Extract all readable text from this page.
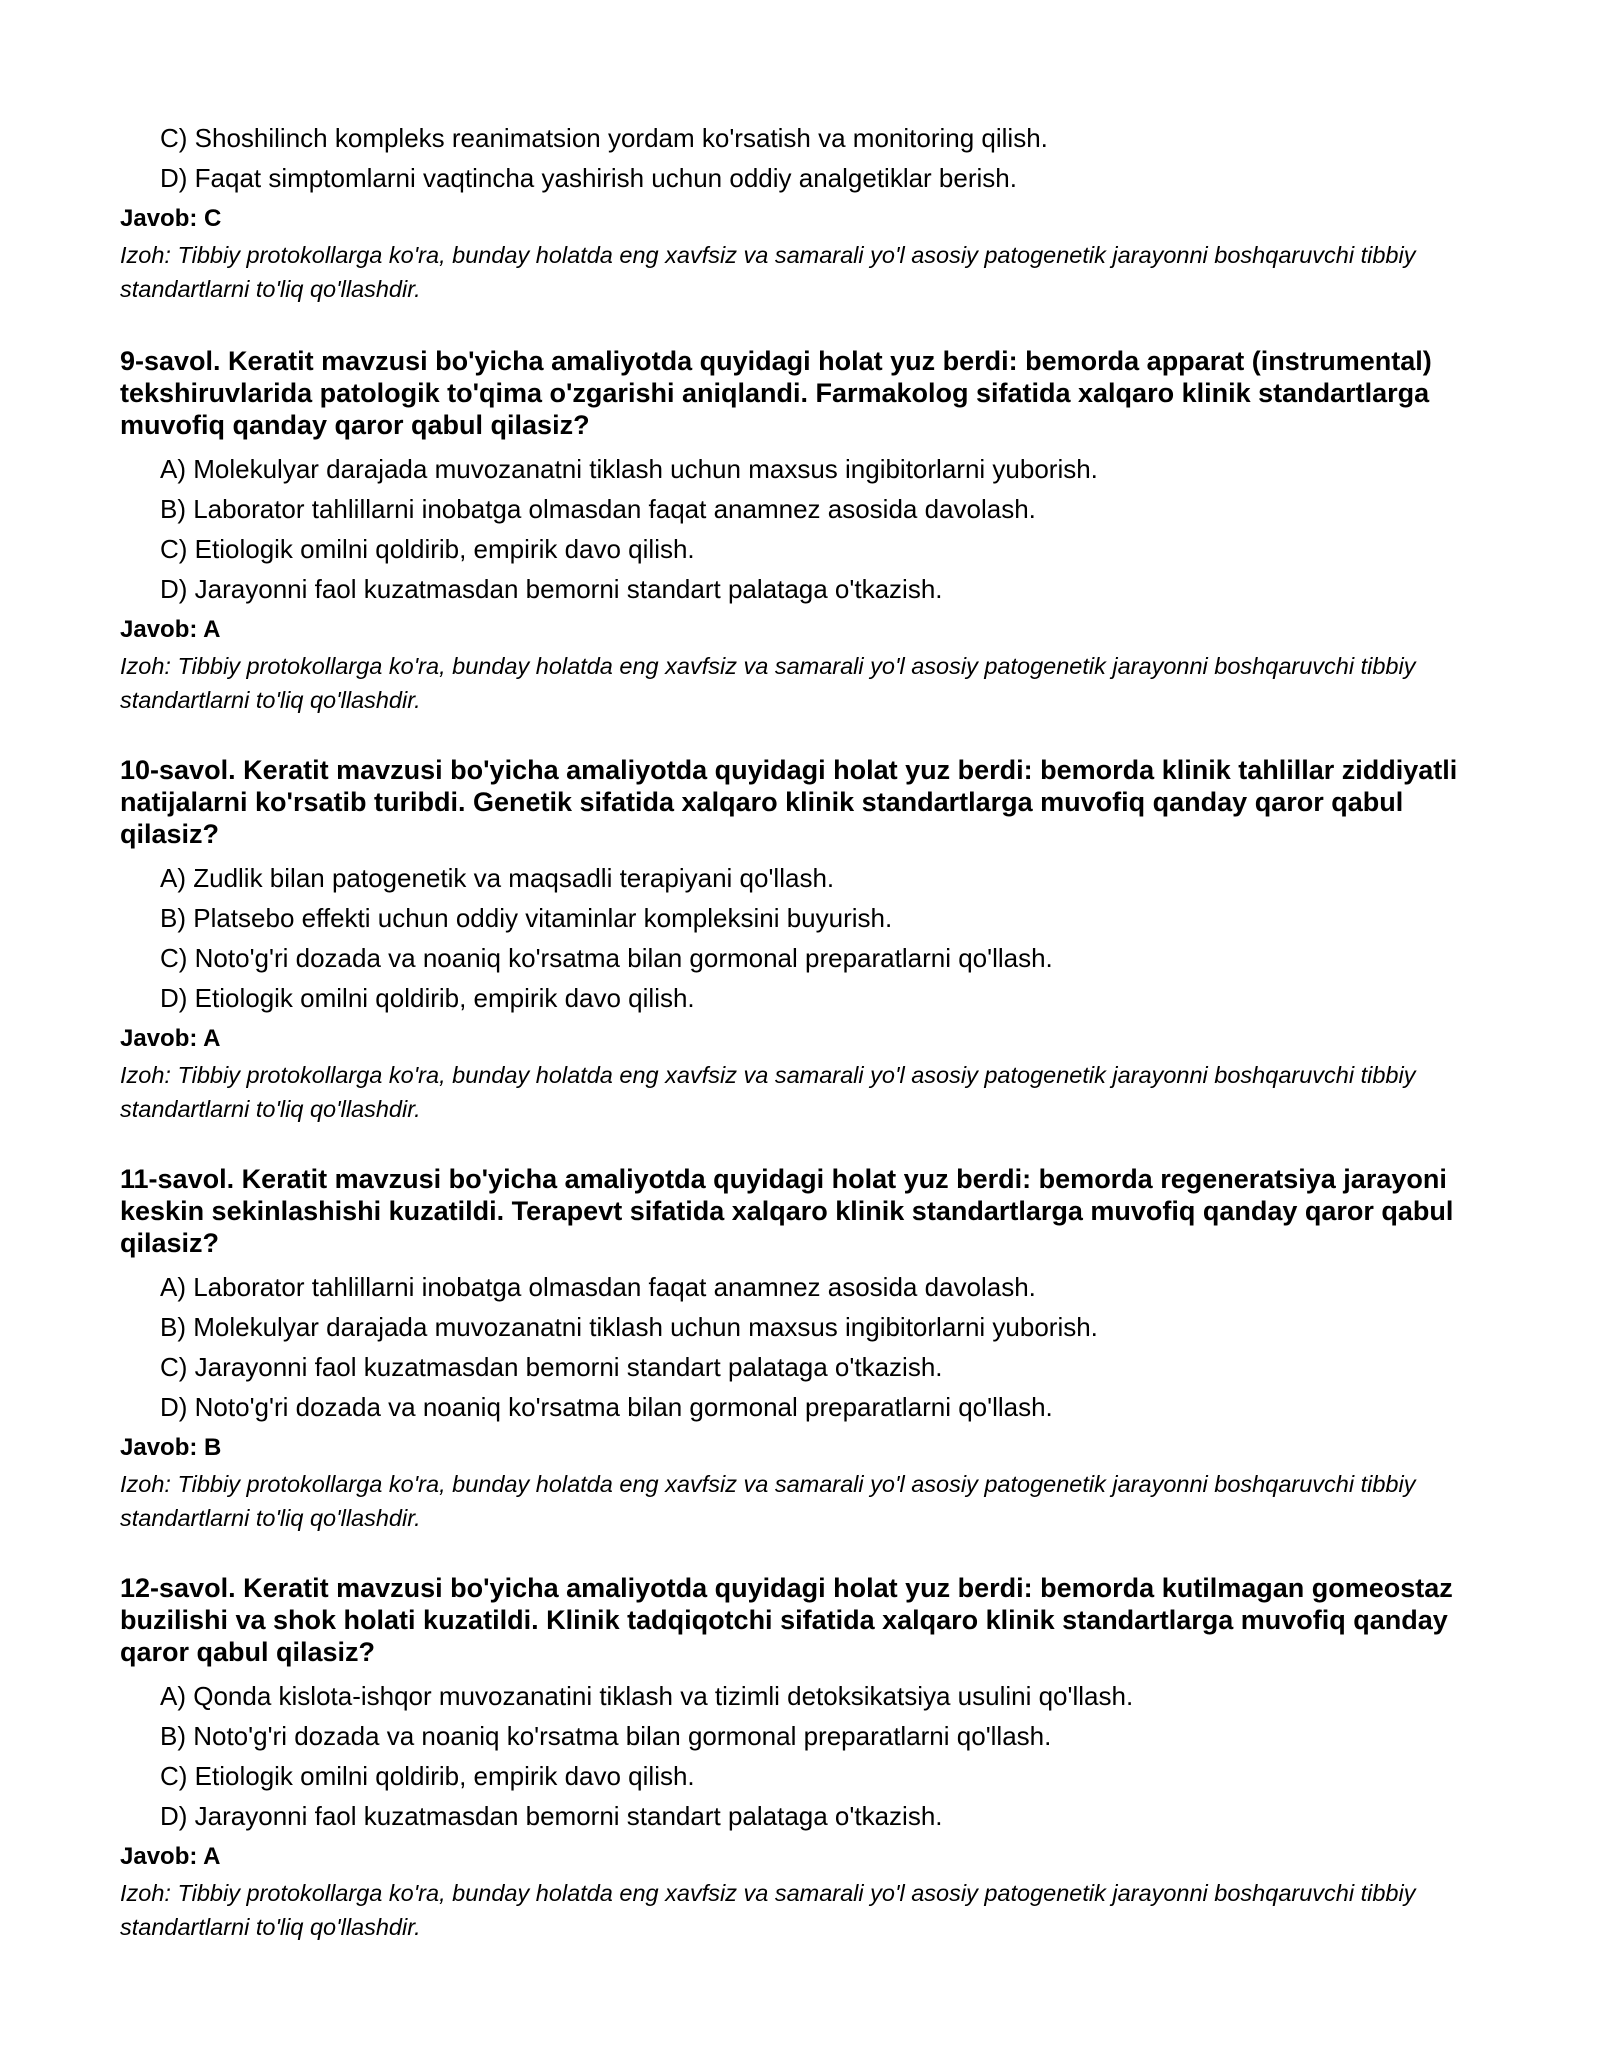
C) Shoshilinch kompleks reanimatsion yordam ko'rsatish va monitoring qilish.
D) Faqat simptomlarni vaqtincha yashirish uchun oddiy analgetiklar berish.
Javob: C
Izoh: Tibbiy protokollarga ko'ra, bunday holatda eng xavfsiz va samarali yo'l asosiy patogenetik jarayonni boshqaruvchi tibbiy standartlarni to'liq qo'llashdir.
9-savol. Keratit mavzusi bo'yicha amaliyotda quyidagi holat yuz berdi: bemorda apparat (instrumental) tekshiruvlarida patologik to'qima o'zgarishi aniqlandi. Farmakolog sifatida xalqaro klinik standartlarga muvofiq qanday qaror qabul qilasiz?
A) Molekulyar darajada muvozanatni tiklash uchun maxsus ingibitorlarni yuborish.
B) Laborator tahlillarni inobatga olmasdan faqat anamnez asosida davolash.
C) Etiologik omilni qoldirib, empirik davo qilish.
D) Jarayonni faol kuzatmasdan bemorni standart palataga o'tkazish.
Javob: A
Izoh: Tibbiy protokollarga ko'ra, bunday holatda eng xavfsiz va samarali yo'l asosiy patogenetik jarayonni boshqaruvchi tibbiy standartlarni to'liq qo'llashdir.
10-savol. Keratit mavzusi bo'yicha amaliyotda quyidagi holat yuz berdi: bemorda klinik tahlillar ziddiyatli natijalarni ko'rsatib turibdi. Genetik sifatida xalqaro klinik standartlarga muvofiq qanday qaror qabul qilasiz?
A) Zudlik bilan patogenetik va maqsadli terapiyani qo'llash.
B) Platsebo effekti uchun oddiy vitaminlar kompleksini buyurish.
C) Noto'g'ri dozada va noaniq ko'rsatma bilan gormonal preparatlarni qo'llash.
D) Etiologik omilni qoldirib, empirik davo qilish.
Javob: A
Izoh: Tibbiy protokollarga ko'ra, bunday holatda eng xavfsiz va samarali yo'l asosiy patogenetik jarayonni boshqaruvchi tibbiy standartlarni to'liq qo'llashdir.
11-savol. Keratit mavzusi bo'yicha amaliyotda quyidagi holat yuz berdi: bemorda regeneratsiya jarayoni keskin sekinlashishi kuzatildi. Terapevt sifatida xalqaro klinik standartlarga muvofiq qanday qaror qabul qilasiz?
A) Laborator tahlillarni inobatga olmasdan faqat anamnez asosida davolash.
B) Molekulyar darajada muvozanatni tiklash uchun maxsus ingibitorlarni yuborish.
C) Jarayonni faol kuzatmasdan bemorni standart palataga o'tkazish.
D) Noto'g'ri dozada va noaniq ko'rsatma bilan gormonal preparatlarni qo'llash.
Javob: B
Izoh: Tibbiy protokollarga ko'ra, bunday holatda eng xavfsiz va samarali yo'l asosiy patogenetik jarayonni boshqaruvchi tibbiy standartlarni to'liq qo'llashdir.
12-savol. Keratit mavzusi bo'yicha amaliyotda quyidagi holat yuz berdi: bemorda kutilmagan gomeostaz buzilishi va shok holati kuzatildi. Klinik tadqiqotchi sifatida xalqaro klinik standartlarga muvofiq qanday qaror qabul qilasiz?
A) Qonda kislota-ishqor muvozanatini tiklash va tizimli detoksikatsiya usulini qo'llash.
B) Noto'g'ri dozada va noaniq ko'rsatma bilan gormonal preparatlarni qo'llash.
C) Etiologik omilni qoldirib, empirik davo qilish.
D) Jarayonni faol kuzatmasdan bemorni standart palataga o'tkazish.
Javob: A
Izoh: Tibbiy protokollarga ko'ra, bunday holatda eng xavfsiz va samarali yo'l asosiy patogenetik jarayonni boshqaruvchi tibbiy standartlarni to'liq qo'llashdir.
